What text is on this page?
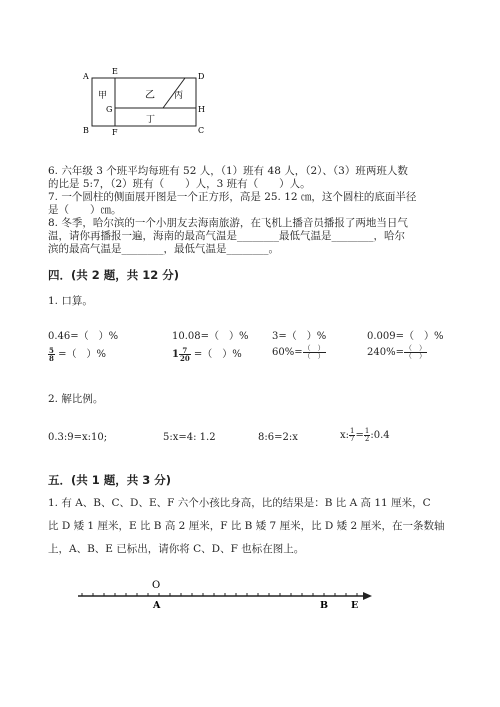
A
E
D
G	H
B	F	C
甲	乙 丙
丁
6. 六年级 3 个班平均每班有 52 人，（1）班有 48 人，（2）、（3）班两班人数
的比是 5:7，（2）班有（　　）人，3 班有（　　）人。
7. 一个圆柱的侧面展开图是一个正方形，高是 25. 12 ㎝，这个圆柱的底面半径
是（　　）㎝。
8. 冬季，哈尔滨的一个小朋友去海南旅游，在飞机上播音员播报了两地当日气
温，请你再播报一遍，海南的最高气温是________最低气温是________，哈尔
滨的最高气温是________，最低气温是________。
四．(共 2 题，共 12 分)
1. 口算。
0.46=（　）%	10.08=（　）% 3=（　）%	0.009=（　）%
$\frac{5}{8}$ =（　）%	$1 \frac{7}{20}$ =（　）%	$60\%= \frac{( )}{( )}$	$240\%= \frac{( )}{( )}$
2. 解比例。
0.3:9=x:10;	5:x=4: 1.2	8:6=2:x	x: $\frac{1}{7} = \frac{1}{2}$ :0.4
五．(共 1 题，共 3 分)
1. 有 A、B、C、D、E、F 六个小孩比身高，比的结果是：B 比 A 高 11 厘米，C
比 D 矮 1 厘米，E 比 B 高 2 厘米，F 比 B 矮 7 厘米，比 D 矮 2 厘米，在一条数轴
上，A、B、E 已标出，请你将 C、D、F 也标在图上。
O
A	B E
